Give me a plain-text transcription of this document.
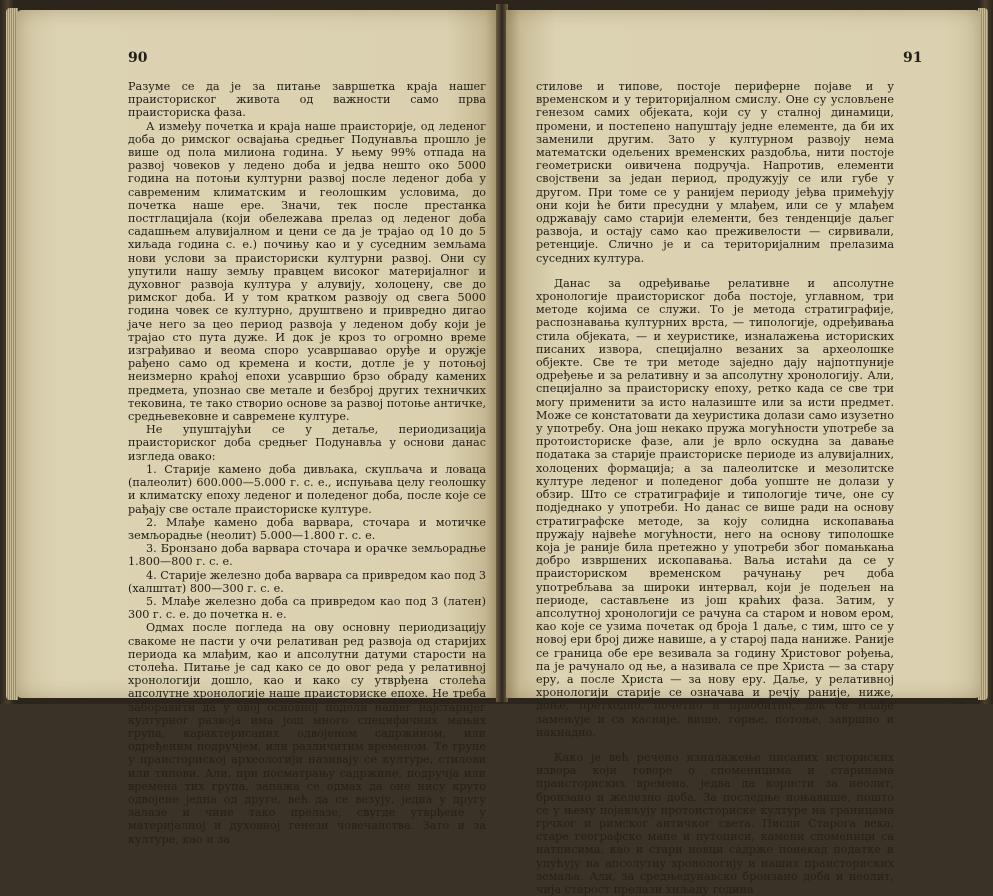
90

Разуме се да је за питање завршетка краја нашег праисториског живота од важности само прва праисториска фаза.

А између почетка и краја наше праисторије, од леденог доба до римског освајања средњег Подунавља прошло је више од пола милиона година. У њему 99% отпада на развој човеков у ледено доба и једва нешто око 5000 година на потоњи културни развој после леденог доба у савременим климатским и геолошким условима, до почетка наше ере. Значи, тек после престанка постглацијала (који обележава прелаз од леденог доба садашњем алувијалном и цени се да је трајао од 10 до 5 хиљада година с. е.) почињу као и у суседним земљама нови услови за праисториски културни развој. Они су упутили нашу земљу правцем високог материјалног и духовног развоја култура у алувију, холоцену, све до римског доба. И у том кратком развоју од свега 5000 година човек се културно, друштвено и привредно дигао јаче него за цео период развоја у леденом добу који је трајао сто пута дуже. И док је кроз то огромно време изграђивао и веома споро усавршавао оруђе и оружје рађено само од кремена и кости, дотле је у потоњој неизмерно краћој епохи усавршио брзо обраду камених предмета, упознао све метале и безброј других техничких тековина, те тако створио основе за развој потоње античке, средњевековне и савремене културе.

Не упуштајући се у детаље, периодизација праисториског доба средњег Подунавља у основи данас изгледа овако:

1. Старије камено доба дивљака, скупљача и ловаца (палеолит) 600.000—5.000 г. с. е., испуњава целу геолошку и климатску епоху леденог и поледеног доба, после које се рађају све остале праисториске културе.

2. Млађе камено доба варвара, сточара и мотичке земљорадње (неолит) 5.000—1.800 г. с. е.

3. Бронзано доба варвара сточара и орачке земљорадње 1.800—800 г. с. е.

4. Старије железно доба варвара са привредом као под 3 (халштат) 800—300 г. с. е.

5. Млађе железно доба са привредом као под 3 (латен) 300 г. с. е. до почетка н. е.

Одмах после погледа на ову основну периодизацију свакоме не пасти у очи релативан ред развоја од старијих периода ка млађим, као и апсолутни датуми старости на столећа. Питање је сад како се до овог реда у релативној хронологији дошло, као и како су утврђена столећа апсолутне хронологије наше праисториске епохе. Не треба заборавити да у овој основној подели нашег најстаријег културног развоја има још много специфичних мањих група, карактерисаних одвојеном садржином, или одређеним подручјем, или различитим временом. Те групе у праисториској археологији називају се културе, стилови или типови. Али, при посматрању садржине, подручја или времена тих група, запажа се одмах да оне нису круто одвојене једна од друге, већ да се везују, једна у другу залазе и чине тако прелазе, свугде утврђене у материјалној и духовној генези човечанства. Зато и за културе, као и за

91

стилове и типове, постоје периферне појаве и у временском и у територијалном смислу. Оне су условљене генезом самих објеката, који су у сталној динамици, промени, и постепено напуштају једне елементе, да би их заменили другим. Зато у културном развоју нема математски одељених временских раздобља, нити постоје геометриски оивичена подручја. Напротив, елементи својствени за један период, продужују се или губе у другом. При томе се у ранијем периоду јеђва примећују они који ће бити пресудни у млађем, или се у млађем одржавају само старији елементи, без тенденције даљег развоја, и остају само као преживелости — сирвивали, ретенције. Слично је и са територијалним прелазима суседних култура.

Данас за одређивање релативне и апсолутне хронологије праисториског доба постоје, углавном, три методе којима се служи. То је метода стратиграфије, распознавања културних врста, — типологије, одређивања стила објеката, — и хеуристике, изналажења историских писаних извора, специјално везаних за археолошке објекте. Све те три методе заједно дају најпотпуније одређење и за релативну и за апсолутну хронологију. Али, специјално за праисториску епоху, ретко када се све три могу применити за исто налазиште или за исти предмет. Може се констатовати да хеуристика долази само изузетно у употребу. Она још некако пружа могућности употребе за протоисториске фазе, али је врло оскудна за давање података за старије праисториске периоде из алувијалних, холоцених формација; а за палеолитске и мезолитске културе леденог и поледеног доба уопште не долази у обзир. Што се стратиграфије и типологије тиче, оне су подједнако у употреби. Но данас се више ради на основу стратиграфске методе, за коју солидна ископавања пружају највеће могућности, него на основу типолошке која је раније била претежно у употреби због помањкања добро извршених ископавања. Ваља истаћи да се у праисториском временском рачунању реч доба употребљава за широки интервал, који је подељен на периоде, састављене из још краћих фаза. Затим, у апсолутној хронологији се рачуна са старом и новом ером, као које се узима почетак од бројa 1 даље, с тим, што се у новој ери број диже навише, а у старој пада наниже. Раније се граница обе ере везивала за годину Христовог рођења, па је рачунало од ње, а називала се пре Христа — за стару еру, а после Христа — за нову еру. Даље, у релативној хронологији старије се означава и речју раније, ниже, доње, претходно, почетно и првобитно, док се млађе замењује и са касније, више, горње, потоње, завршно и накнадно.

Како је већ речено изналажење писаних историских извора који говоре о споменицима и старинама праисториских времена, једва да користи за неолит, бронзано и железно доба. За последње поњавише, пошто се у њему појављују протоисториске културе на границама грчког и римског античког света. Писци Старога века, старе географске мапе и путописи, камени споменици са натписима, као и стари новци садрже понекад податке и упућују на апсолутну хронологију и наших праисториских земаља. Али, за средњедунавско бронзано доба и неолит, чија старост прелази хиљаду година
